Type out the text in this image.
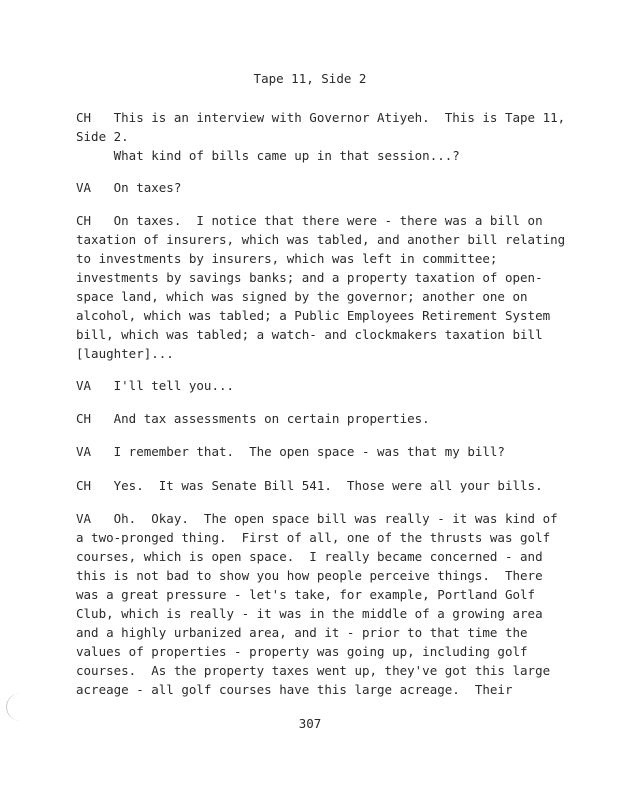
Tape 11, Side 2
CH   This is an interview with Governor Atiyeh.  This is Tape 11,
Side 2.
What kind of bills came up in that session...?
VA   On taxes?
CH   On taxes.  I notice that there were - there was a bill on
taxation of insurers, which was tabled, and another bill relating
to investments by insurers, which was left in committee;
investments by savings banks; and a property taxation of open-
space land, which was signed by the governor; another one on
alcohol, which was tabled; a Public Employees Retirement System
bill, which was tabled; a watch- and clockmakers taxation bill
[laughter]...
VA   I'll tell you...
CH   And tax assessments on certain properties.
VA   I remember that.  The open space - was that my bill?
CH   Yes.  It was Senate Bill 541.  Those were all your bills.
VA   Oh.  Okay.  The open space bill was really - it was kind of
a two-pronged thing.  First of all, one of the thrusts was golf
courses, which is open space.  I really became concerned - and
this is not bad to show you how people perceive things.  There
was a great pressure - let's take, for example, Portland Golf
Club, which is really - it was in the middle of a growing area
and a highly urbanized area, and it - prior to that time the
values of properties - property was going up, including golf
courses.  As the property taxes went up, they've got this large
acreage - all golf courses have this large acreage.  Their
307
